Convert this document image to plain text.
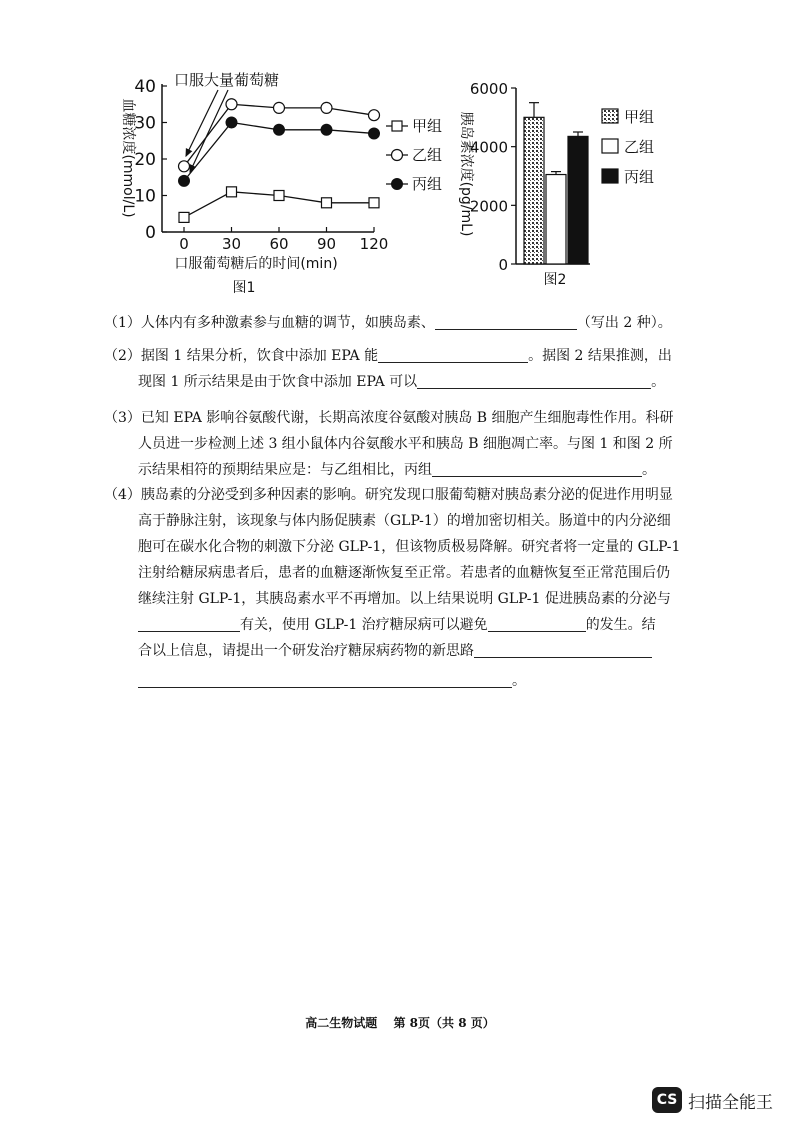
0
10
20
30
40
0 30 60 90 120
甲组
乙组
丙组
口服大量葡萄糖
口服葡萄糖后的时间(min)
图1
血糖浓度(mmol/L)
0
2000
4000
6000
甲组
乙组
丙组
胰岛素浓度(pg/mL)
图2
（1）人体内有多种激素参与血糖的调节，如胰岛素、	（写出 2 种）。
（2）据图 1 结果分析，饮食中添加 EPA 能	。据图 2 结果推测，出
现图 1 所示结果是由于饮食中添加 EPA 可以	。
（3）已知 EPA 影响谷氨酸代谢，长期高浓度谷氨酸对胰岛 B 细胞产生细胞毒性作用。科研
人员进一步检测上述 3 组小鼠体内谷氨酸水平和胰岛 B 细胞凋亡率。与图 1 和图 2 所
示结果相符的预期结果应是：与乙组相比，丙组	。
（4）胰岛素的分泌受到多种因素的影响。研究发现口服葡萄糖对胰岛素分泌的促进作用明显
高于静脉注射，该现象与体内肠促胰素（GLP-1）的增加密切相关。肠道中的内分泌细
胞可在碳水化合物的刺激下分泌 GLP-1，但该物质极易降解。研究者将一定量的 GLP-1
注射给糖尿病患者后，患者的血糖逐渐恢复至正常。若患者的血糖恢复至正常范围后仍
继续注射 GLP-1，其胰岛素水平不再增加。以上结果说明 GLP-1 促进胰岛素的分泌与
有关，使用 GLP-1 治疗糖尿病可以避免	的发生。结
合以上信息，请提出一个研发治疗糖尿病药物的新思路
。
高二生物试题 第 8页（共 8 页）
CS 扫描全能王
